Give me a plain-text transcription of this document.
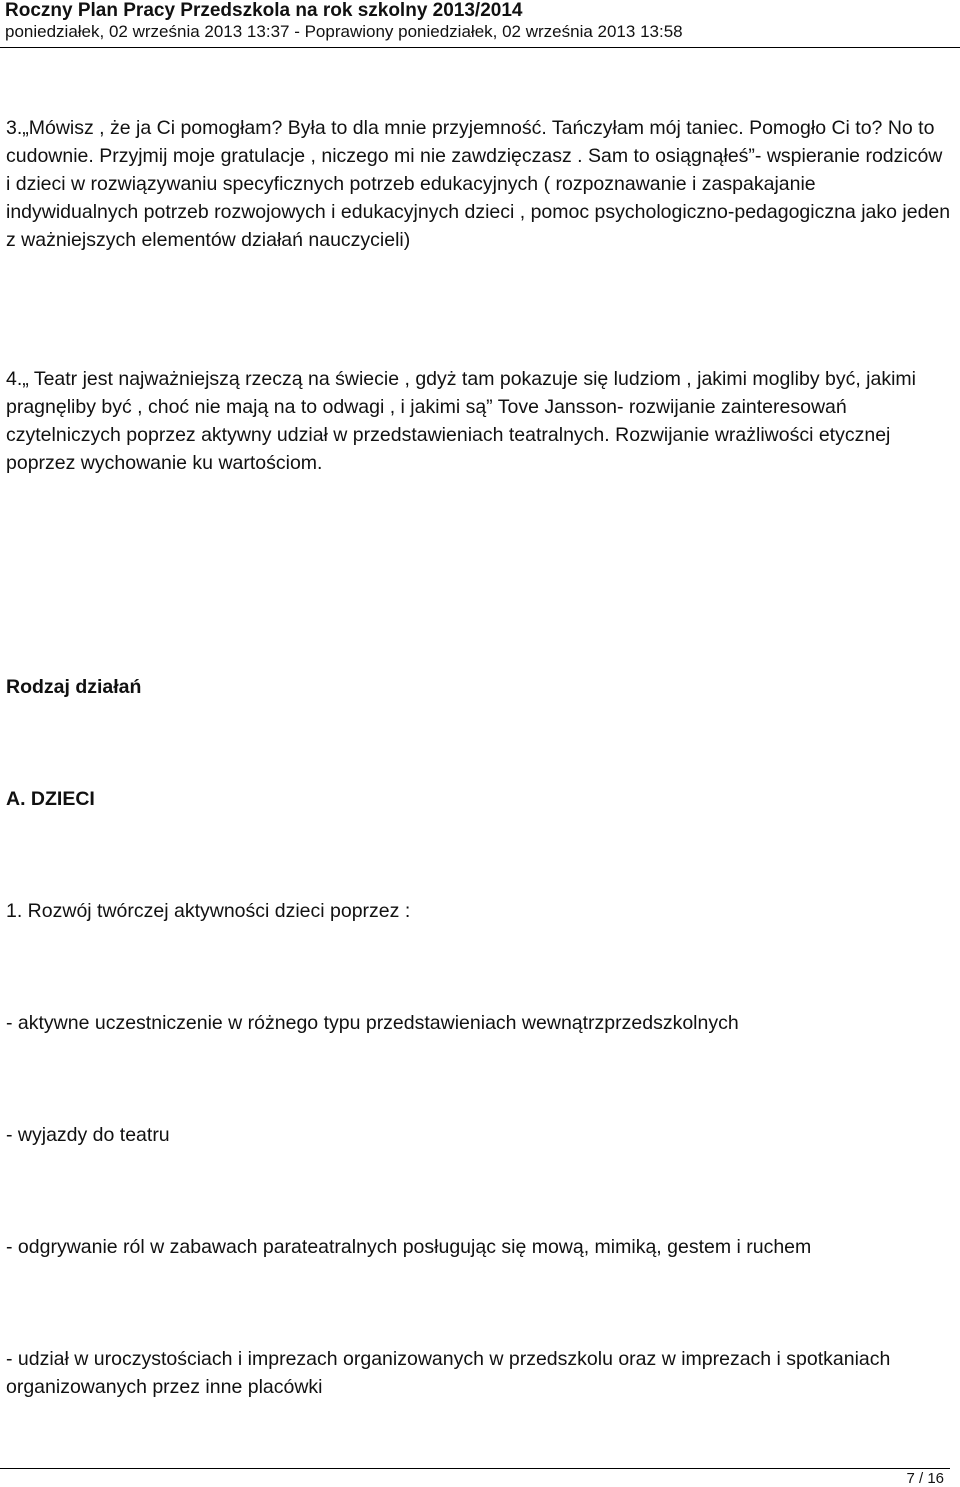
Roczny Plan Pracy Przedszkola na rok szkolny 2013/2014
poniedziałek, 02 września 2013 13:37 - Poprawiony poniedziałek, 02 września 2013 13:58

3.„Mówisz , że ja Ci pomogłam? Była to dla mnie przyjemność. Tańczyłam mój taniec. Pomogło Ci to? No to cudownie. Przyjmij moje gratulacje , niczego mi nie zawdzięczasz . Sam to osiągnąłeś”- wspieranie rodziców i dzieci w rozwiązywaniu specyficznych potrzeb edukacyjnych ( rozpoznawanie i zaspakajanie indywidualnych potrzeb rozwojowych i edukacyjnych dzieci , pomoc psychologiczno-pedagogiczna jako jeden z ważniejszych elementów działań nauczycieli)

4.„ Teatr jest najważniejszą rzeczą na świecie , gdyż tam pokazuje się ludziom , jakimi mogliby być, jakimi pragnęliby być , choć nie mają na to odwagi , i jakimi są” Tove Jansson- rozwijanie zainteresowań czytelniczych poprzez aktywny udział w przedstawieniach teatralnych. Rozwijanie wrażliwości etycznej poprzez wychowanie ku wartościom.

Rodzaj działań

A. DZIECI

1. Rozwój twórczej aktywności dzieci poprzez :

- aktywne uczestniczenie w różnego typu przedstawieniach wewnątrzprzedszkolnych

- wyjazdy do teatru

- odgrywanie ról w zabawach parateatralnych posługując się mową, mimiką, gestem i ruchem

- udział w uroczystościach i imprezach organizowanych w przedszkolu oraz w imprezach i spotkaniach organizowanych przez inne placówki

7 / 16
